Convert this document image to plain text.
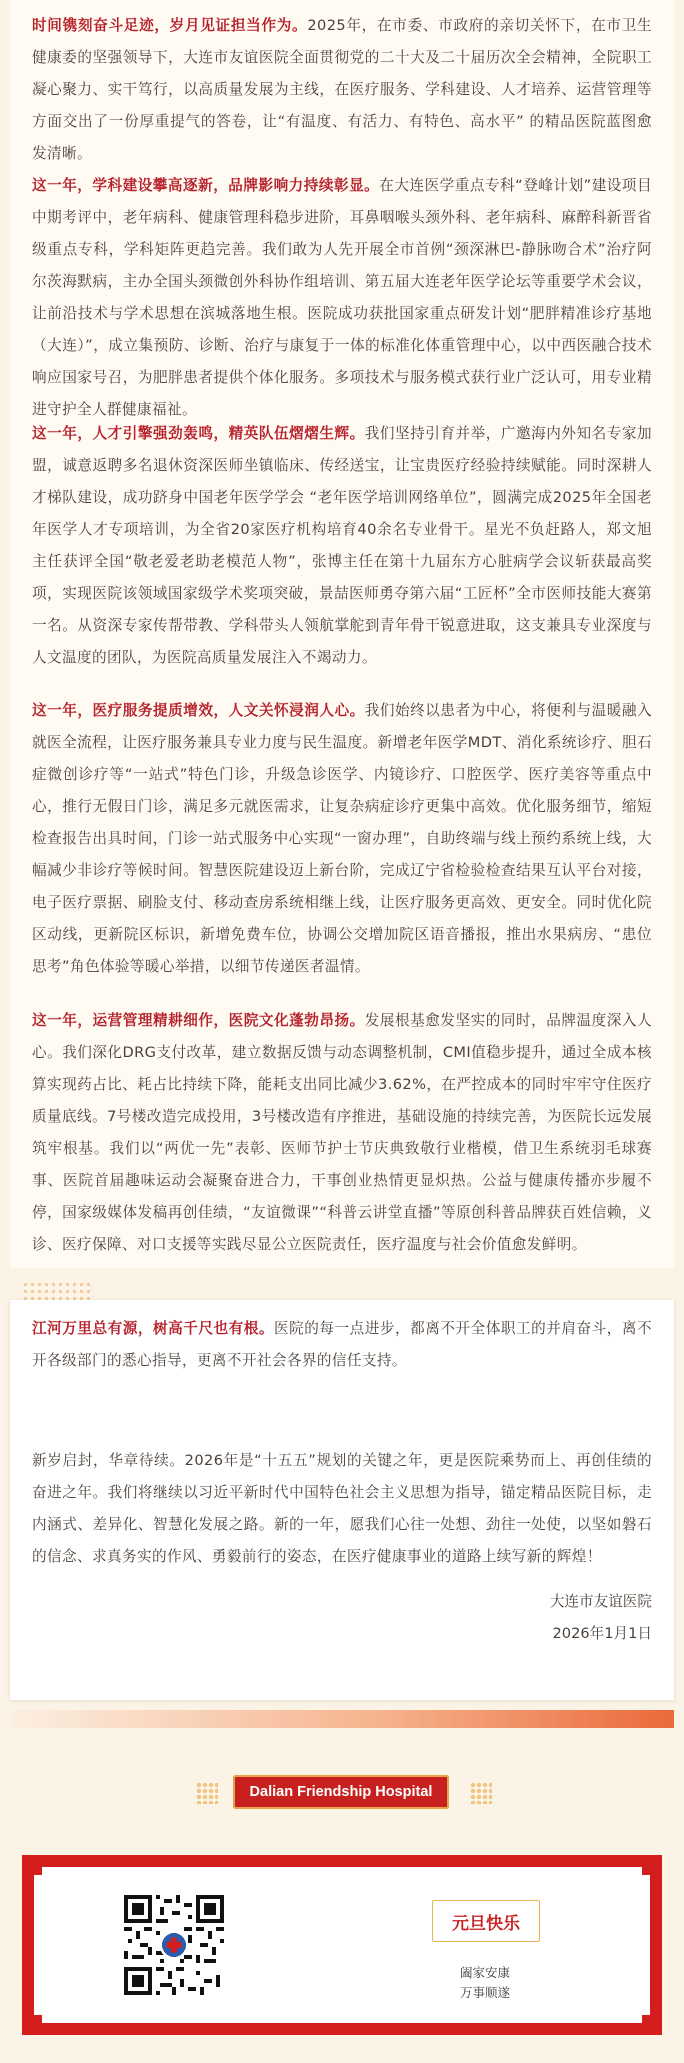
时间镌刻奋斗足迹，岁月见证担当作为。2025年，在市委、市政府的亲切关怀下，在市卫生健康委的坚强领导下，大连市友谊医院全面贯彻党的二十大及二十届历次全会精神，全院职工凝心聚力、实干笃行，以高质量发展为主线，在医疗服务、学科建设、人才培养、运营管理等方面交出了一份厚重提气的答卷，让“有温度、有活力、有特色、高水平” 的精品医院蓝图愈发清晰。

这一年，学科建设攀高逐新，品牌影响力持续彰显。在大连医学重点专科“登峰计划”建设项目中期考评中，老年病科、健康管理科稳步进阶，耳鼻咽喉头颈外科、老年病科、麻醉科新晋省级重点专科，学科矩阵更趋完善。我们敢为人先开展全市首例“颈深淋巴-静脉吻合术”治疗阿尔茨海默病，主办全国头颈微创外科协作组培训、第五届大连老年医学论坛等重要学术会议，让前沿技术与学术思想在滨城落地生根。医院成功获批国家重点研发计划“肥胖精准诊疗基地（大连）”，成立集预防、诊断、治疗与康复于一体的标准化体重管理中心，以中西医融合技术响应国家号召，为肥胖患者提供个体化服务。多项技术与服务模式获行业广泛认可，用专业精进守护全人群健康福祉。

这一年，人才引擎强劲轰鸣，精英队伍熠熠生辉。我们坚持引育并举，广邀海内外知名专家加盟，诚意返聘多名退休资深医师坐镇临床、传经送宝，让宝贵医疗经验持续赋能。同时深耕人才梯队建设，成功跻身中国老年医学学会 “老年医学培训网络单位”，圆满完成2025年全国老年医学人才专项培训，为全省20家医疗机构培育40余名专业骨干。星光不负赶路人，郑文旭主任获评全国“敬老爱老助老模范人物”，张博主任在第十九届东方心脏病学会议斩获最高奖项，实现医院该领域国家级学术奖项突破，景喆医师勇夺第六届“工匠杯”全市医师技能大赛第一名。从资深专家传帮带教、学科带头人领航掌舵到青年骨干锐意进取，这支兼具专业深度与人文温度的团队，为医院高质量发展注入不竭动力。

这一年，医疗服务提质增效，人文关怀浸润人心。我们始终以患者为中心，将便利与温暖融入就医全流程，让医疗服务兼具专业力度与民生温度。新增老年医学MDT、消化系统诊疗、胆石症微创诊疗等“一站式”特色门诊，升级急诊医学、内镜诊疗、口腔医学、医疗美容等重点中心，推行无假日门诊，满足多元就医需求，让复杂病症诊疗更集中高效。优化服务细节，缩短检查报告出具时间，门诊一站式服务中心实现“一窗办理”，自助终端与线上预约系统上线，大幅减少非诊疗等候时间。智慧医院建设迈上新台阶，完成辽宁省检验检查结果互认平台对接，电子医疗票据、刷脸支付、移动查房系统相继上线，让医疗服务更高效、更安全。同时优化院区动线，更新院区标识，新增免费车位，协调公交增加院区语音播报，推出水果病房、“患位思考”角色体验等暖心举措，以细节传递医者温情。

这一年，运营管理精耕细作，医院文化蓬勃昂扬。发展根基愈发坚实的同时，品牌温度深入人心。我们深化DRG支付改革，建立数据反馈与动态调整机制，CMI值稳步提升，通过全成本核算实现药占比、耗占比持续下降，能耗支出同比减少3.62%，在严控成本的同时牢牢守住医疗质量底线。7号楼改造完成投用，3号楼改造有序推进，基础设施的持续完善，为医院长远发展筑牢根基。我们以“两优一先”表彰、医师节护士节庆典致敬行业楷模，借卫生系统羽毛球赛事、医院首届趣味运动会凝聚奋进合力，干事创业热情更显炽热。公益与健康传播亦步履不停，国家级媒体发稿再创佳绩，“友谊微课”“科普云讲堂直播”等原创科普品牌获百姓信赖，义诊、医疗保障、对口支援等实践尽显公立医院责任，医疗温度与社会价值愈发鲜明。

江河万里总有源，树高千尺也有根。医院的每一点进步，都离不开全体职工的并肩奋斗，离不开各级部门的悉心指导，更离不开社会各界的信任支持。

新岁启封，华章待续。2026年是“十五五”规划的关键之年，更是医院乘势而上、再创佳绩的奋进之年。我们将继续以习近平新时代中国特色社会主义思想为指导，锚定精品医院目标，走内涵式、差异化、智慧化发展之路。新的一年，愿我们心往一处想、劲往一处使，以坚如磐石的信念、求真务实的作风、勇毅前行的姿态，在医疗健康事业的道路上续写新的辉煌！

大连市友谊医院
2026年1月1日
Dalian Friendship Hospital
元旦快乐
阖家安康
万事顺遂
